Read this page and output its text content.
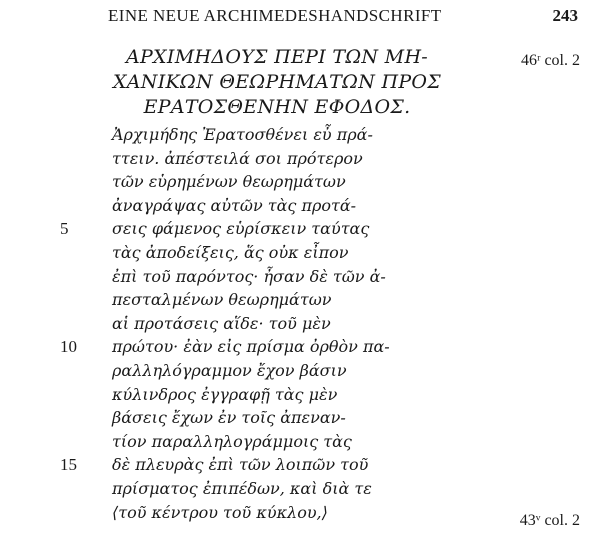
EINE NEUE ARCHIMEDESHANDSCHRIFT	243
ΑΡΧΙΜΗΔΟΥΣ ΠΕΡΙ ΤΩΝ ΜΗ-
ΧΑΝΙΚΩΝ ΘΕΩΡΗΜΑΤΩΝ ΠΡΟΣ
ΕΡΑΤΟΣΘΕΝΗΝ ΕΦΟΔΟΣ.
46ʳ col. 2
43ᵛ col. 2
Ἀρχιμήδης Ἐρατοσθένει εὖ πρά-
ττειν. ἀπέστειλά σοι πρότερον
τῶν εὑρημένων θεωρημάτων
ἀναγράψας αὐτῶν τὰς προτά-
5	σεις φάμενος εὑρίσκειν ταύτας
τὰς ἀποδείξεις, ἅς οὐκ εἶπον
ἐπὶ τοῦ παρόντος· ἦσαν δὲ τῶν ἀ-
πεσταλμένων θεωρημάτων
αἱ προτάσεις αἵδε· τοῦ μὲν
10	πρώτου· ἐὰν εἰς πρίσμα ὀρθὸν πα-
ραλληλόγραμμον ἔχον βάσιν
κύλινδρος ἐγγραφῇ τὰς μὲν
βάσεις ἔχων ἐν τοῖς ἀπεναν-
τίον παραλληλογράμμοις τὰς
15	δὲ πλευρὰς ἐπὶ τῶν λοιπῶν τοῦ
πρίσματος ἐπιπέδων, καὶ διὰ τε
⟨τοῦ κέντρου τοῦ κύκλου,⟩
